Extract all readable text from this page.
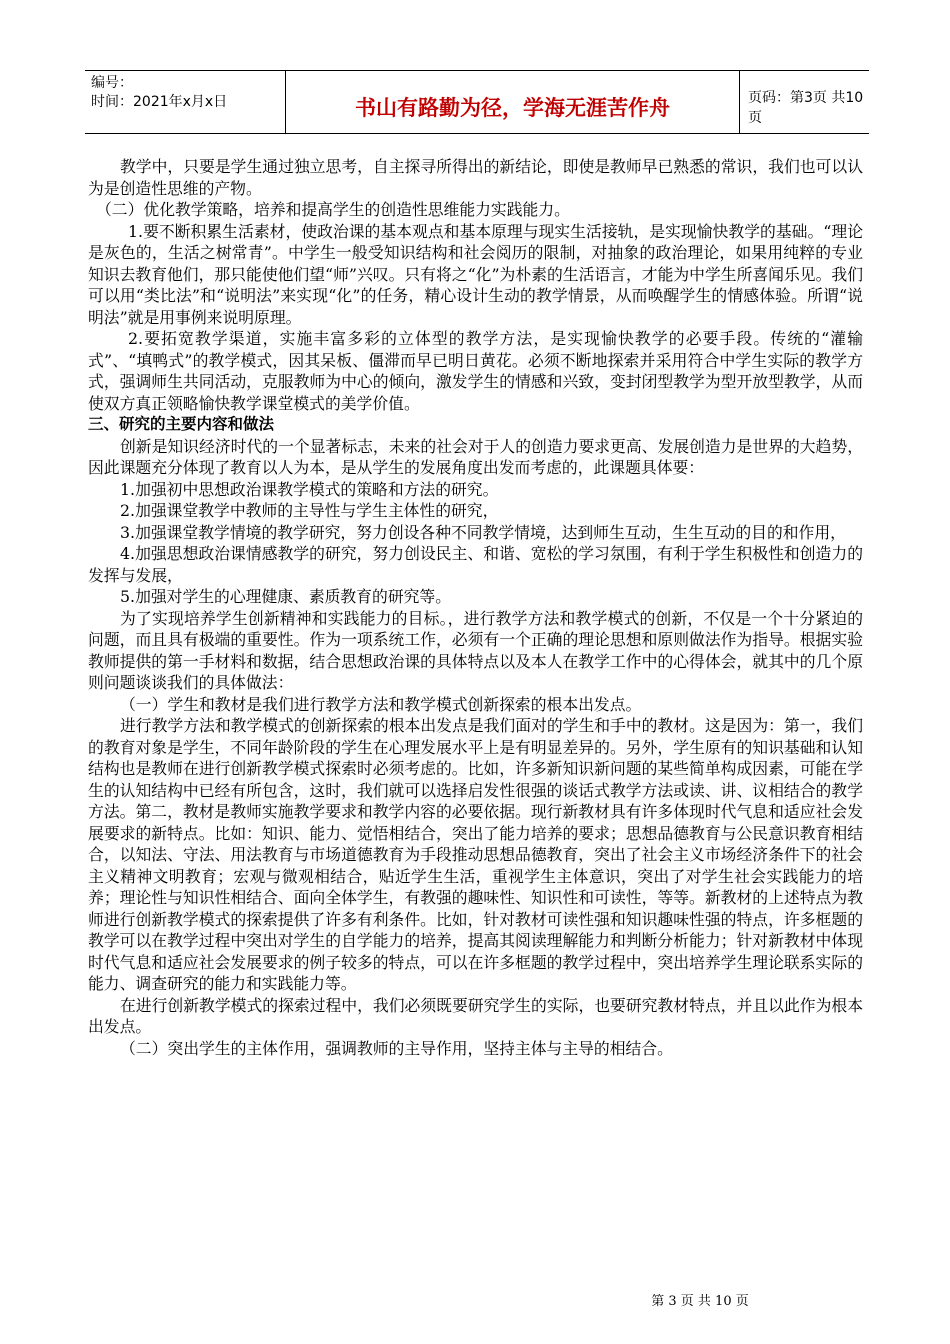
编号：
时间：2021年x月x日	书山有路勤为径，学海无涯苦作舟	页码：第3页 共10页

教学中，只要是学生通过独立思考，自主探寻所得出的新结论，即使是教师早已熟悉的常识，我们也可以认为是创造性思维的产物。

（二）优化教学策略，培养和提高学生的创造性思维能力实践能力。

1.要不断积累生活素材，使政治课的基本观点和基本原理与现实生活接轨，是实现愉快教学的基础。“理论是灰色的，生活之树常青”。中学生一般受知识结构和社会阅历的限制，对抽象的政治理论，如果用纯粹的专业知识去教育他们，那只能使他们望“师”兴叹。只有将之“化”为朴素的生活语言，才能为中学生所喜闻乐见。我们可以用“类比法”和“说明法”来实现“化”的任务，精心设计生动的教学情景，从而唤醒学生的情感体验。所谓“说明法”就是用事例来说明原理。

2.要拓宽教学渠道，实施丰富多彩的立体型的教学方法，是实现愉快教学的必要手段。传统的“灌输式”、“填鸭式”的教学模式，因其呆板、僵滞而早已明日黄花。必须不断地探索并采用符合中学生实际的教学方式，强调师生共同活动，克服教师为中心的倾向，激发学生的情感和兴致，变封闭型教学为型开放型教学，从而使双方真正领略愉快教学课堂模式的美学价值。

三、研究的主要内容和做法

创新是知识经济时代的一个显著标志，未来的社会对于人的创造力要求更高、发展创造力是世界的大趋势，因此课题充分体现了教育以人为本，是从学生的发展角度出发而考虑的，此课题具体要：

1.加强初中思想政治课教学模式的策略和方法的研究。

2.加强课堂教学中教师的主导性与学生主体性的研究，

3.加强课堂教学情境的教学研究，努力创设各种不同教学情境，达到师生互动，生生互动的目的和作用，

4.加强思想政治课情感教学的研究，努力创设民主、和谐、宽松的学习氛围，有利于学生积极性和创造力的发挥与发展，

5.加强对学生的心理健康、素质教育的研究等。

为了实现培养学生创新精神和实践能力的目标。，进行教学方法和教学模式的创新，不仅是一个十分紧迫的问题，而且具有极端的重要性。作为一项系统工作，必须有一个正确的理论思想和原则做法作为指导。根据实验教师提供的第一手材料和数据，结合思想政治课的具体特点以及本人在教学工作中的心得体会，就其中的几个原则问题谈谈我们的具体做法：

（一）学生和教材是我们进行教学方法和教学模式创新探索的根本出发点。

进行教学方法和教学模式的创新探索的根本出发点是我们面对的学生和手中的教材。这是因为：第一，我们的教育对象是学生，不同年龄阶段的学生在心理发展水平上是有明显差异的。另外，学生原有的知识基础和认知结构也是教师在进行创新教学模式探索时必须考虑的。比如，许多新知识新问题的某些简单构成因素，可能在学生的认知结构中已经有所包含，这时，我们就可以选择启发性很强的谈话式教学方法或读、讲、议相结合的教学方法。第二，教材是教师实施教学要求和教学内容的必要依据。现行新教材具有许多体现时代气息和适应社会发展要求的新特点。比如：知识、能力、觉悟相结合，突出了能力培养的要求；思想品德教育与公民意识教育相结合，以知法、守法、用法教育与市场道德教育为手段推动思想品德教育，突出了社会主义市场经济条件下的社会主义精神文明教育；宏观与微观相结合，贴近学生生活，重视学生主体意识，突出了对学生社会实践能力的培养；理论性与知识性相结合、面向全体学生，有教强的趣味性、知识性和可读性，等等。新教材的上述特点为教师进行创新教学模式的探索提供了许多有利条件。比如，针对教材可读性强和知识趣味性强的特点，许多框题的教学可以在教学过程中突出对学生的自学能力的培养，提高其阅读理解能力和判断分析能力；针对新教材中体现时代气息和适应社会发展要求的例子较多的特点，可以在许多框题的教学过程中，突出培养学生理论联系实际的能力、调查研究的能力和实践能力等。

在进行创新教学模式的探索过程中，我们必须既要研究学生的实际，也要研究教材特点，并且以此作为根本出发点。

（二）突出学生的主体作用，强调教师的主导作用，坚持主体与主导的相结合。

第 3 页 共 10 页
